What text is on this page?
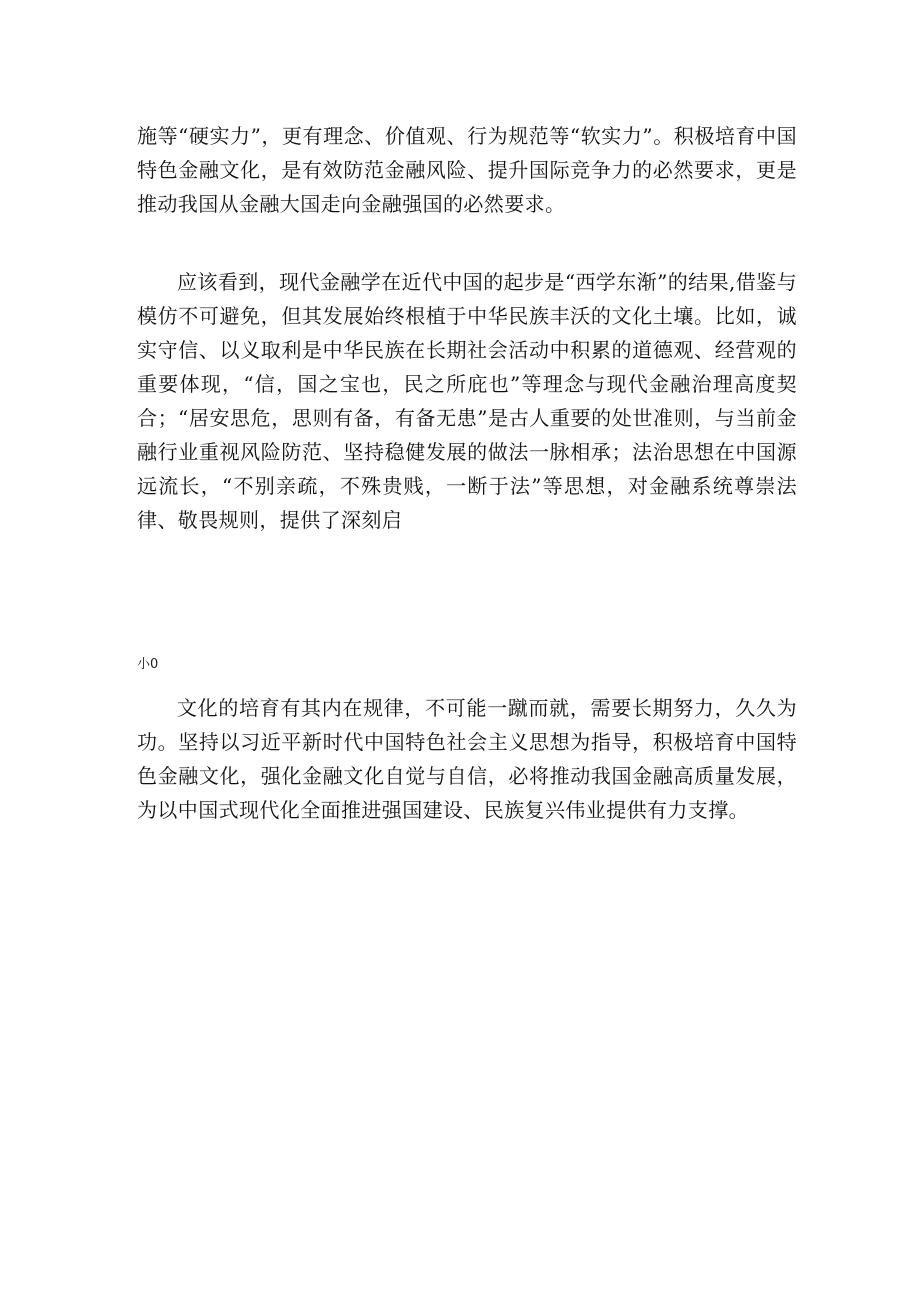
施等“硬实力”，更有理念、价值观、行为规范等“软实力”。积极培育中国特色金融文化，是有效防范金融风险、提升国际竞争力的必然要求，更是推动我国从金融大国走向金融强国的必然要求。

应该看到，现代金融学在近代中国的起步是“西学东渐”的结果,借鉴与模仿不可避免，但其发展始终根植于中华民族丰沃的文化土壤。比如，诚实守信、以义取利是中华民族在长期社会活动中积累的道德观、经营观的重要体现，“信，国之宝也，民之所庇也”等理念与现代金融治理高度契合；“居安思危，思则有备，有备无患”是古人重要的处世准则，与当前金融行业重视风险防范、坚持稳健发展的做法一脉相承；法治思想在中国源远流长，“不别亲疏，不殊贵贱，一断于法”等思想，对金融系统尊崇法律、敬畏规则，提供了深刻启

小0

文化的培育有其内在规律，不可能一蹴而就，需要长期努力，久久为功。坚持以习近平新时代中国特色社会主义思想为指导，积极培育中国特色金融文化，强化金融文化自觉与自信，必将推动我国金融高质量发展，为以中国式现代化全面推进强国建设、民族复兴伟业提供有力支撑。
